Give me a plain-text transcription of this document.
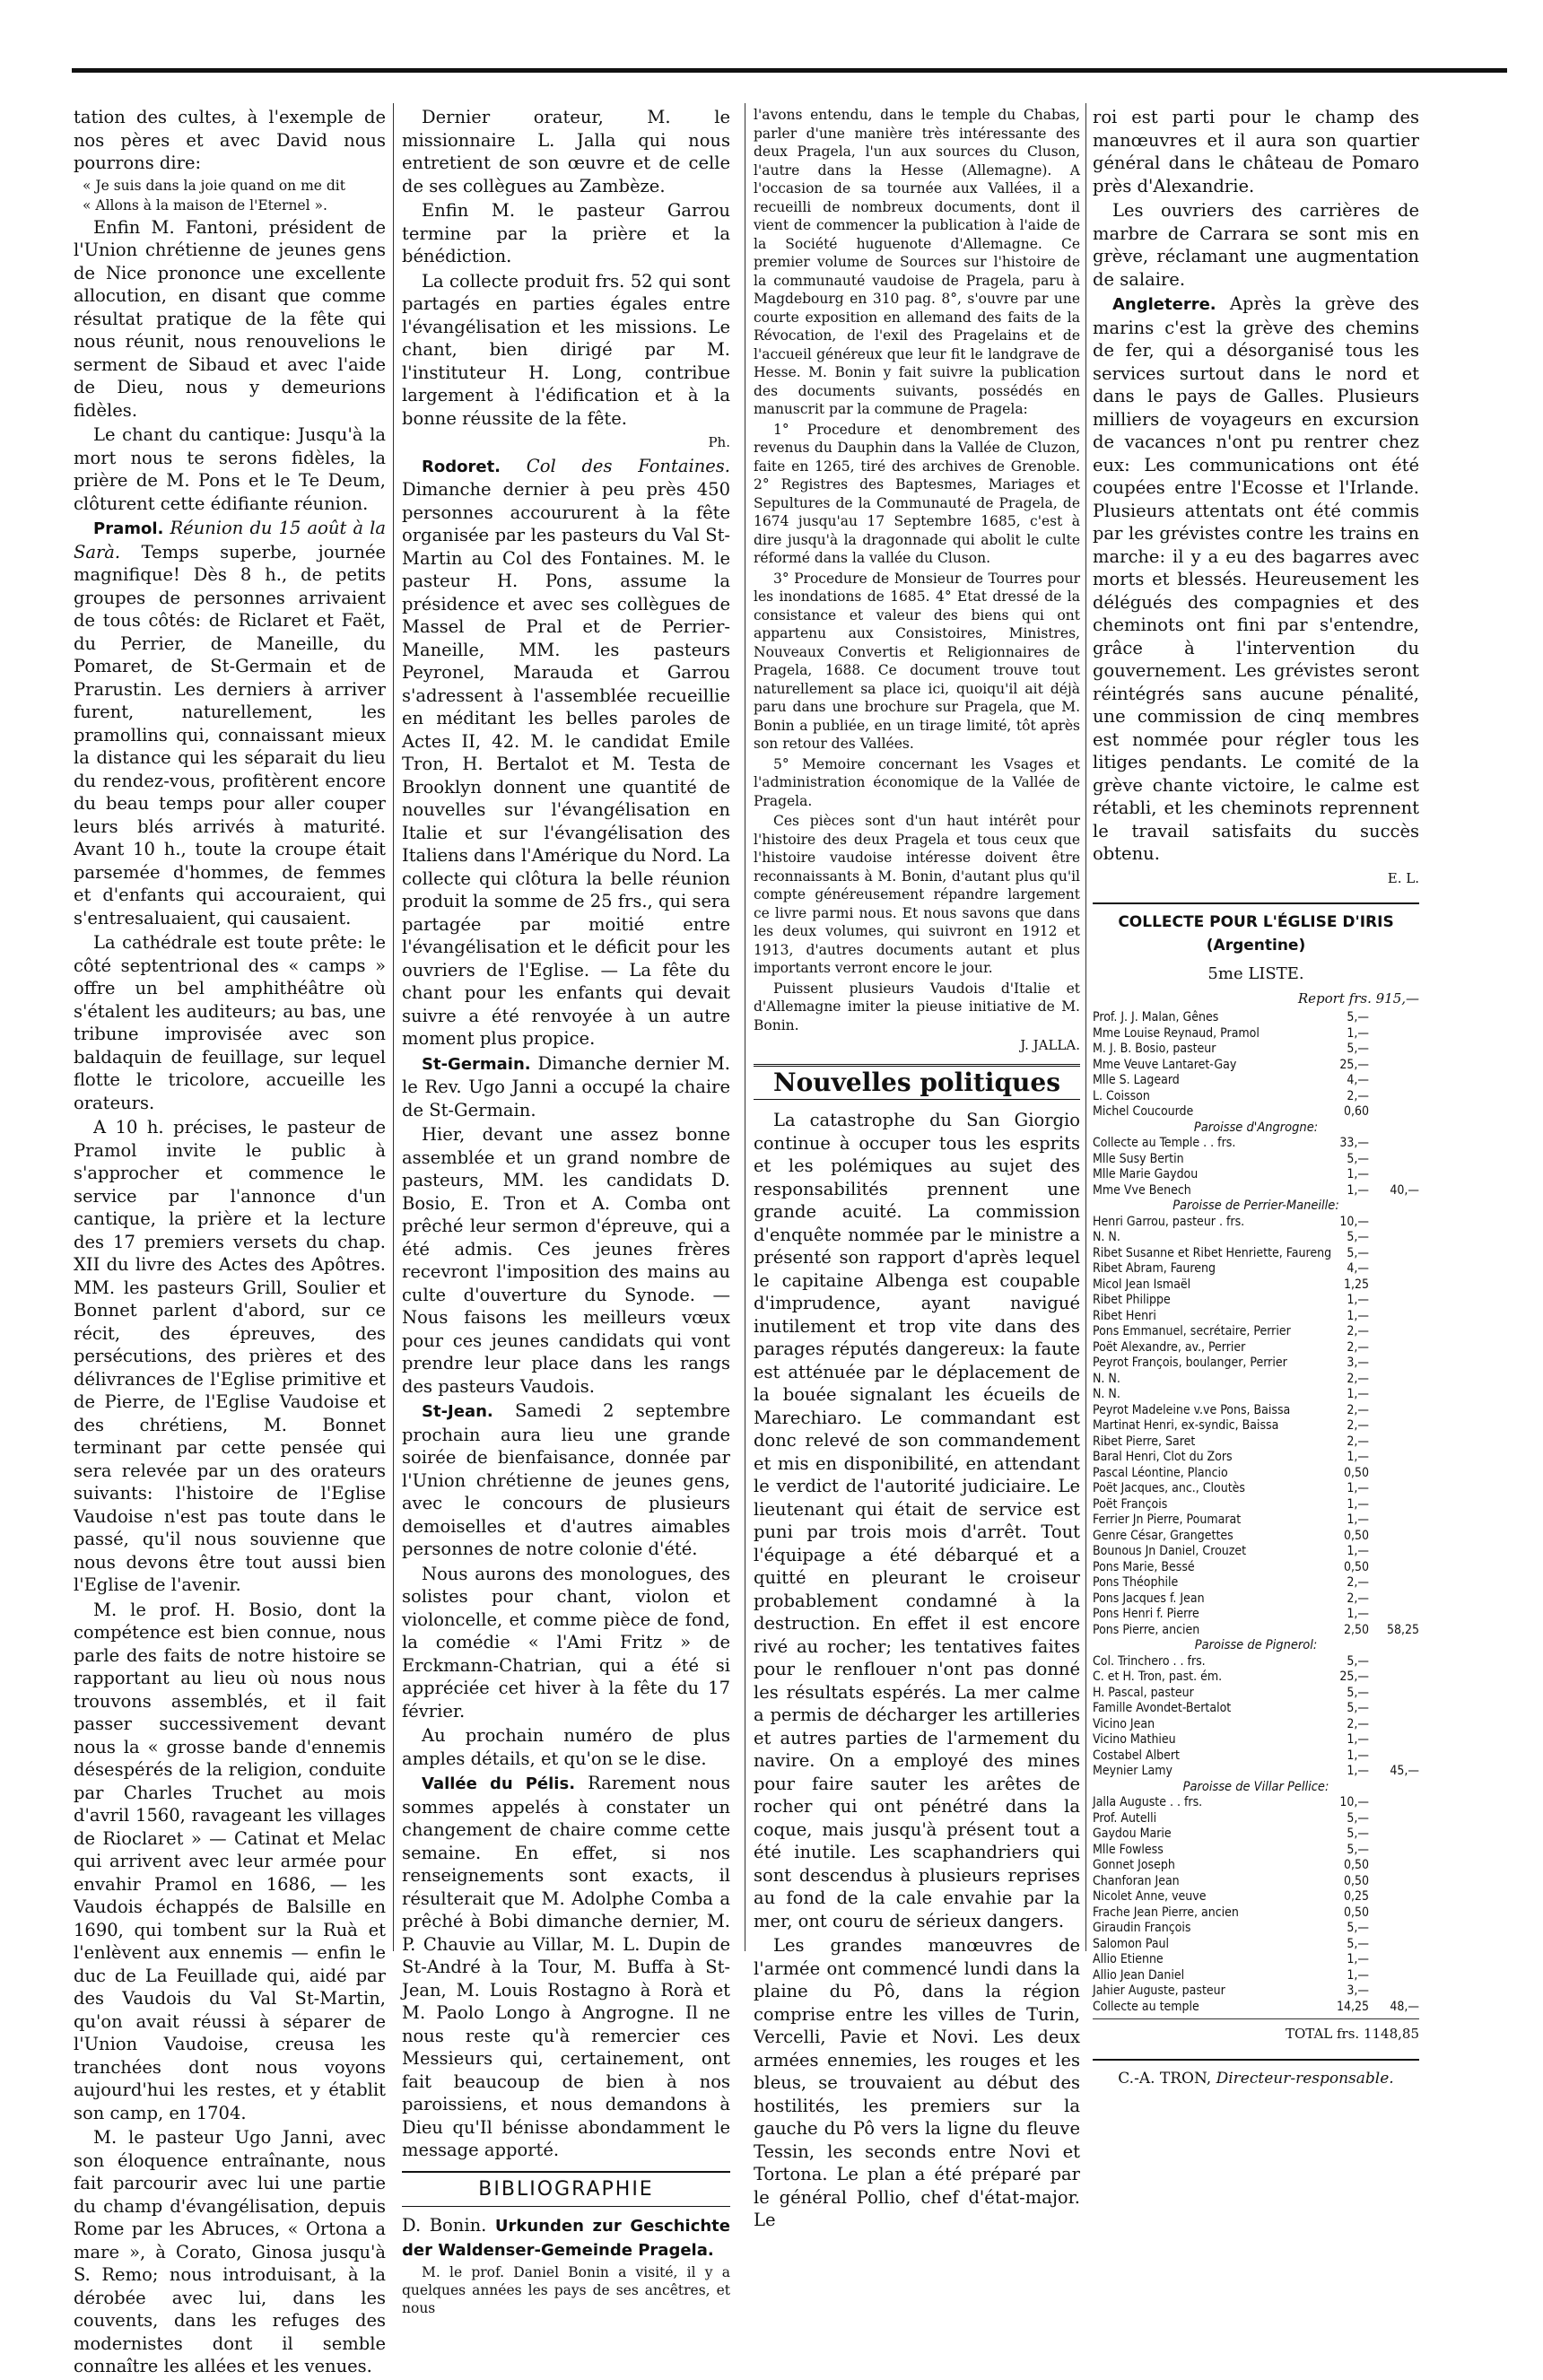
tation des cultes, à l'exemple de nos pères et avec David nous pourrons dire:

« Je suis dans la joie quand on me dit
« Allons à la maison de l'Eternel ».

Enfin M. Fantoni, président de l'Union chrétienne de jeunes gens de Nice prononce une excellente allocution, en disant que comme résultat pratique de la fête qui nous réunit, nous renouvelions le serment de Sibaud et avec l'aide de Dieu, nous y demeurions fidèles.

Le chant du cantique: Jusqu'à la mort nous te serons fidèles, la prière de M. Pons et le Te Deum, clôturent cette édifiante réunion.

Pramol. Réunion du 15 août à la Sarà. Temps superbe, journée magnifique! Dès 8 h., de petits groupes de personnes arrivaient de tous côtés: de Riclaret et Faët, du Perrier, de Maneille, du Pomaret, de St-Germain et de Prarustin. Les derniers à arriver furent, naturellement, les pramollins qui, connaissant mieux la distance qui les séparait du lieu du rendez-vous, profitèrent encore du beau temps pour aller couper leurs blés arrivés à maturité. Avant 10 h., toute la croupe était parsemée d'hommes, de femmes et d'enfants qui accouraient, qui s'entresaluaient, qui causaient.

La cathédrale est toute prête: le côté septentrional des « camps » offre un bel amphithéâtre où s'étalent les auditeurs; au bas, une tribune improvisée avec son baldaquin de feuillage, sur lequel flotte le tricolore, accueille les orateurs.

A 10 h. précises, le pasteur de Pramol invite le public à s'approcher et commence le service par l'annonce d'un cantique, la prière et la lecture des 17 premiers versets du chap. XII du livre des Actes des Apôtres. MM. les pasteurs Grill, Soulier et Bonnet parlent d'abord, sur ce récit, des épreuves, des persécutions, des prières et des délivrances de l'Eglise primitive et de Pierre, de l'Eglise Vaudoise et des chrétiens, M. Bonnet terminant par cette pensée qui sera relevée par un des orateurs suivants: l'histoire de l'Eglise Vaudoise n'est pas toute dans le passé, qu'il nous souvienne que nous devons être tout aussi bien l'Eglise de l'avenir.

M. le prof. H. Bosio, dont la compétence est bien connue, nous parle des faits de notre histoire se rapportant au lieu où nous nous trouvons assemblés, et il fait passer successivement devant nous la « grosse bande d'ennemis désespérés de la religion, conduite par Charles Truchet au mois d'avril 1560, ravageant les villages de Rioclaret » — Catinat et Melac qui arrivent avec leur armée pour envahir Pramol en 1686, — les Vaudois échappés de Balsille en 1690, qui tombent sur la Ruà et l'enlèvent aux ennemis — enfin le duc de La Feuillade qui, aidé par des Vaudois du Val St-Martin, qu'on avait réussi à séparer de l'Union Vaudoise, creusa les tranchées dont nous voyons aujourd'hui les restes, et y établit son camp, en 1704.

M. le pasteur Ugo Janni, avec son éloquence entraînante, nous fait parcourir avec lui une partie du champ d'évangélisation, depuis Rome par les Abruces, « Ortona a mare », à Corato, Ginosa jusqu'à S. Remo; nous introduisant, à la dérobée avec lui, dans les couvents, dans les refuges des modernistes dont il semble connaître les allées et les venues.

Dernier orateur, M. le missionnaire L. Jalla qui nous entretient de son œuvre et de celle de ses collègues au Zambèze.

Enfin M. le pasteur Garrou termine par la prière et la bénédiction.

La collecte produit frs. 52 qui sont partagés en parties égales entre l'évangélisation et les missions. Le chant, bien dirigé par M. l'instituteur H. Long, contribue largement à l'édification et à la bonne réussite de la fête.

Ph.

Rodoret. Col des Fontaines. Dimanche dernier à peu près 450 personnes accoururent à la fête organisée par les pasteurs du Val St-Martin au Col des Fontaines. M. le pasteur H. Pons, assume la présidence et avec ses collègues de Massel de Pral et de Perrier-Maneille, MM. les pasteurs Peyronel, Marauda et Garrou s'adressent à l'assemblée recueillie en méditant les belles paroles de Actes II, 42. M. le candidat Emile Tron, H. Bertalot et M. Testa de Brooklyn donnent une quantité de nouvelles sur l'évangélisation en Italie et sur l'évangélisation des Italiens dans l'Amérique du Nord. La collecte qui clôtura la belle réunion produit la somme de 25 frs., qui sera partagée par moitié entre l'évangélisation et le déficit pour les ouvriers de l'Eglise. — La fête du chant pour les enfants qui devait suivre a été renvoyée à un autre moment plus propice.

St-Germain. Dimanche dernier M. le Rev. Ugo Janni a occupé la chaire de St-Germain.

Hier, devant une assez bonne assemblée et un grand nombre de pasteurs, MM. les candidats D. Bosio, E. Tron et A. Comba ont prêché leur sermon d'épreuve, qui a été admis. Ces jeunes frères recevront l'imposition des mains au culte d'ouverture du Synode. — Nous faisons les meilleurs vœux pour ces jeunes candidats qui vont prendre leur place dans les rangs des pasteurs Vaudois.

St-Jean. Samedi 2 septembre prochain aura lieu une grande soirée de bienfaisance, donnée par l'Union chrétienne de jeunes gens, avec le concours de plusieurs demoiselles et d'autres aimables personnes de notre colonie d'été.

Nous aurons des monologues, des solistes pour chant, violon et violoncelle, et comme pièce de fond, la comédie « l'Ami Fritz » de Erckmann-Chatrian, qui a été si appréciée cet hiver à la fête du 17 février.

Au prochain numéro de plus amples détails, et qu'on se le dise.

Vallée du Pélis. Rarement nous sommes appelés à constater un changement de chaire comme cette semaine. En effet, si nos renseignements sont exacts, il résulterait que M. Adolphe Comba a prêché à Bobi dimanche dernier, M. P. Chauvie au Villar, M. L. Dupin de St-André à la Tour, M. Buffa à St-Jean, M. Louis Rostagno à Rorà et M. Paolo Longo à Angrogne. Il ne nous reste qu'à remercier ces Messieurs qui, certainement, ont fait beaucoup de bien à nos paroissiens, et nous demandons à Dieu qu'Il bénisse abondamment le message apporté.

BIBLIOGRAPHIE

D. Bonin. Urkunden zur Geschichte der Waldenser-Gemeinde Pragela.

M. le prof. Daniel Bonin a visité, il y a quelques années les pays de ses ancêtres, et nous

l'avons entendu, dans le temple du Chabas, parler d'une manière très intéressante des deux Pragela, l'un aux sources du Cluson, l'autre dans la Hesse (Allemagne). A l'occasion de sa tournée aux Vallées, il a recueilli de nombreux documents, dont il vient de commencer la publication à l'aide de la Société huguenote d'Allemagne. Ce premier volume de Sources sur l'histoire de la communauté vaudoise de Pragela, paru à Magdebourg en 310 pag. 8°, s'ouvre par une courte exposition en allemand des faits de la Révocation, de l'exil des Pragelains et de l'accueil généreux que leur fit le landgrave de Hesse. M. Bonin y fait suivre la publication des documents suivants, possédés en manuscrit par la commune de Pragela:

1° Procedure et denombrement des revenus du Dauphin dans la Vallée de Cluzon, faite en 1265, tiré des archives de Grenoble. 2° Registres des Baptesmes, Mariages et Sepultures de la Communauté de Pragela, de 1674 jusqu'au 17 Septembre 1685, c'est à dire jusqu'à la dragonnade qui abolit le culte réformé dans la vallée du Cluson.

3° Procedure de Monsieur de Tourres pour les inondations de 1685. 4° Etat dressé de la consistance et valeur des biens qui ont appartenu aux Consistoires, Ministres, Nouveaux Convertis et Religionnaires de Pragela, 1688. Ce document trouve tout naturellement sa place ici, quoiqu'il ait déjà paru dans une brochure sur Pragela, que M. Bonin a publiée, en un tirage limité, tôt après son retour des Vallées.

5° Memoire concernant les Vsages et l'administration économique de la Vallée de Pragela.

Ces pièces sont d'un haut intérêt pour l'histoire des deux Pragela et tous ceux que l'histoire vaudoise intéresse doivent être reconnaissants à M. Bonin, d'autant plus qu'il compte généreusement répandre largement ce livre parmi nous. Et nous savons que dans les deux volumes, qui suivront en 1912 et 1913, d'autres documents autant et plus importants verront encore le jour.

Puissent plusieurs Vaudois d'Italie et d'Allemagne imiter la pieuse initiative de M. Bonin.

J. JALLA.
Nouvelles politiques

La catastrophe du San Giorgio continue à occuper tous les esprits et les polémiques au sujet des responsabilités prennent une grande acuité. La commission d'enquête nommée par le ministre a présenté son rapport d'après lequel le capitaine Albenga est coupable d'imprudence, ayant navigué inutilement et trop vite dans des parages réputés dangereux: la faute est atténuée par le déplacement de la bouée signalant les écueils de Marechiaro. Le commandant est donc relevé de son commandement et mis en disponibilité, en attendant le verdict de l'autorité judiciaire. Le lieutenant qui était de service est puni par trois mois d'arrêt. Tout l'équipage a été débarqué et a quitté en pleurant le croiseur probablement condamné à la destruction. En effet il est encore rivé au rocher; les tentatives faites pour le renflouer n'ont pas donné les résultats espérés. La mer calme a permis de décharger les artilleries et autres parties de l'armement du navire. On a employé des mines pour faire sauter les arêtes de rocher qui ont pénétré dans la coque, mais jusqu'à présent tout a été inutile. Les scaphandriers qui sont descendus à plusieurs reprises au fond de la cale envahie par la mer, ont couru de sérieux dangers.

Les grandes manœuvres de l'armée ont commencé lundi dans la plaine du Pô, dans la région comprise entre les villes de Turin, Vercelli, Pavie et Novi. Les deux armées ennemies, les rouges et les bleus, se trouvaient au début des hostilités, les premiers sur la gauche du Pô vers la ligne du fleuve Tessin, les seconds entre Novi et Tortona. Le plan a été préparé par le général Pollio, chef d'état-major. Le

roi est parti pour le champ des manœuvres et il aura son quartier général dans le château de Pomaro près d'Alexandrie.

Les ouvriers des carrières de marbre de Carrara se sont mis en grève, réclamant une augmentation de salaire.

Angleterre. Après la grève des marins c'est la grève des chemins de fer, qui a désorganisé tous les services surtout dans le nord et dans le pays de Galles. Plusieurs milliers de voyageurs en excursion de vacances n'ont pu rentrer chez eux: Les communications ont été coupées entre l'Ecosse et l'Irlande. Plusieurs attentats ont été commis par les grévistes contre les trains en marche: il y a eu des bagarres avec morts et blessés. Heureusement les délégués des compagnies et des cheminots ont fini par s'entendre, grâce à l'intervention du gouvernement. Les grévistes seront réintégrés sans aucune pénalité, une commission de cinq membres est nommée pour régler tous les litiges pendants. Le comité de la grève chante victoire, le calme est rétabli, et les cheminots reprennent le travail satisfaits du succès obtenu.

E. L.
COLLECTE POUR L'ÉGLISE D'IRIS (Argentine)
5me LISTE.
Report frs. 915,—
Prof. J. J. Malan, Gênes	5,—	
Mme Louise Reynaud, Pramol	1,—	
M. J. B. Bosio, pasteur	5,—	
Mme Veuve Lantaret-Gay	25,—	
Mlle S. Lageard	4,—	
L. Coisson	2,—	
Michel Coucourde	0,60	
Paroisse d'Angrogne:		
Collecte au Temple . . frs.	33,—	
Mlle Susy Bertin	5,—	
Mlle Marie Gaydou	1,—	
Mme Vve Benech	1,—	40,—
Paroisse de Perrier-Maneille:		
Henri Garrou, pasteur . frs.	10,—	
N. N.	5,—	
Ribet Susanne et Ribet Henriette, Faureng	5,—	
Ribet Abram, Faureng	4,—	
Micol Jean Ismaël	1,25	
Ribet Philippe	1,—	
Ribet Henri	1,—	
Pons Emmanuel, secrétaire, Perrier	2,—	
Poët Alexandre, av., Perrier	2,—	
Peyrot François, boulanger, Perrier	3,—	
N. N.	2,—	
N. N.	1,—	
Peyrot Madeleine v.ve Pons, Baissa	2,—	
Martinat Henri, ex-syndic, Baissa	2,—	
Ribet Pierre, Saret	2,—	
Baral Henri, Clot du Zors	1,—	
Pascal Léontine, Plancio	0,50	
Poët Jacques, anc., Cloutès	1,—	
Poët François	1,—	
Ferrier Jn Pierre, Poumarat	1,—	
Genre César, Grangettes	0,50	
Bounous Jn Daniel, Crouzet	1,—	
Pons Marie, Bessé	0,50	
Pons Théophile	2,—	
Pons Jacques f. Jean	2,—	
Pons Henri f. Pierre	1,—	
Pons Pierre, ancien	2,50	58,25
Paroisse de Pignerol:		
Col. Trinchero . . frs.	5,—	
C. et H. Tron, past. ém.	25,—	
H. Pascal, pasteur	5,—	
Famille Avondet-Bertalot	5,—	
Vicino Jean	2,—	
Vicino Mathieu	1,—	
Costabel Albert	1,—	
Meynier Lamy	1,—	45,—
Paroisse de Villar Pellice:		
Jalla Auguste . . frs.	10,—	
Prof. Autelli	5,—	
Gaydou Marie	5,—	
Mlle Fowless	5,—	
Gonnet Joseph	0,50	
Chanforan Jean	0,50	
Nicolet Anne, veuve	0,25	
Frache Jean Pierre, ancien	0,50	
Giraudin François	5,—	
Salomon Paul	5,—	
Allio Etienne	1,—	
Allio Jean Daniel	1,—	
Jahier Auguste, pasteur	3,—	
Collecte au temple	14,25	48,—
TOTAL frs. 1148,85
C.-A. TRON, Directeur-responsable.
